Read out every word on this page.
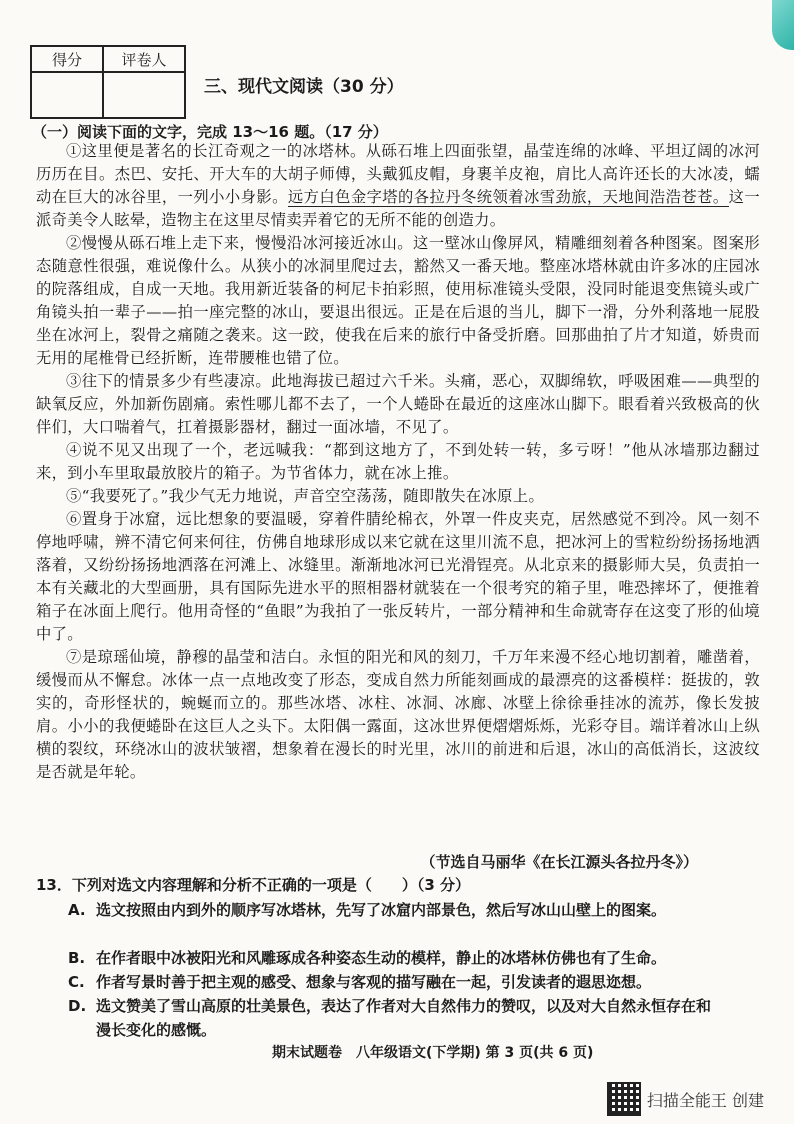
得分	评卷人

三、现代文阅读（30 分）
（一）阅读下面的文字，完成 13～16 题。（17 分）

①这里便是著名的长江奇观之一的冰塔林。从砾石堆上四面张望，晶莹连绵的冰峰、平坦辽阔的冰河历历在目。杰巴、安托、开大车的大胡子师傅，头戴狐皮帽，身裹羊皮袍，肩比人高许还长的大冰凌，蠕动在巨大的冰谷里，一列小小身影。远方白色金字塔的各拉丹冬统领着冰雪劲旅，天地间浩浩苍苍。这一派奇美令人眩晕，造物主在这里尽情卖弄着它的无所不能的创造力。

②慢慢从砾石堆上走下来，慢慢沿冰河接近冰山。这一壁冰山像屏风，精雕细刻着各种图案。图案形态随意性很强，难说像什么。从狭小的冰洞里爬过去，豁然又一番天地。整座冰塔林就由许多冰的庄园冰的院落组成，自成一天地。我用新近装备的柯尼卡拍彩照，使用标准镜头受限，没同时能退变焦镜头或广角镜头拍一辈子——拍一座完整的冰山，要退出很远。正是在后退的当儿，脚下一滑，分外利落地一屁股坐在冰河上，裂骨之痛随之袭来。这一跤，使我在后来的旅行中备受折磨。回那曲拍了片才知道，娇贵而无用的尾椎骨已经折断，连带腰椎也错了位。

③往下的情景多少有些凄凉。此地海拔已超过六千米。头痛，恶心，双脚绵软，呼吸困难——典型的缺氧反应，外加新伤剧痛。索性哪儿都不去了，一个人蜷卧在最近的这座冰山脚下。眼看着兴致极高的伙伴们，大口喘着气，扛着摄影器材，翻过一面冰墙，不见了。

④说不见又出现了一个，老远喊我：“都到这地方了，不到处转一转，多亏呀！”他从冰墙那边翻过来，到小车里取最放胶片的箱子。为节省体力，就在冰上推。

⑤“我要死了。”我少气无力地说，声音空空荡荡，随即散失在冰原上。

⑥置身于冰窟，远比想象的要温暖，穿着件腈纶棉衣，外罩一件皮夹克，居然感觉不到冷。风一刻不停地呼啸，辨不清它何来何往，仿佛自地球形成以来它就在这里川流不息，把冰河上的雪粒纷纷扬扬地洒落着，又纷纷扬扬地洒落在河滩上、冰缝里。渐渐地冰河已光滑锃亮。从北京来的摄影师大吴，负责拍一本有关藏北的大型画册，具有国际先进水平的照相器材就装在一个很考究的箱子里，唯恐摔坏了，便推着箱子在冰面上爬行。他用奇怪的“鱼眼”为我拍了一张反转片，一部分精神和生命就寄存在这变了形的仙境中了。

⑦是琼瑶仙境，静穆的晶莹和洁白。永恒的阳光和风的刻刀，千万年来漫不经心地切割着，雕凿着，缓慢而从不懈怠。冰体一点一点地改变了形态，变成自然力所能刻画成的最漂亮的这番模样：挺拔的，敦实的，奇形怪状的，蜿蜒而立的。那些冰塔、冰柱、冰洞、冰廊、冰壁上徐徐垂挂冰的流苏，像长发披肩。小小的我便蜷卧在这巨人之头下。太阳偶一露面，这冰世界便熠熠烁烁，光彩夺目。端详着冰山上纵横的裂纹，环绕冰山的波状皱褶，想象着在漫长的时光里，冰川的前进和后退，冰山的高低消长，这波纹是否就是年轮。

（节选自马丽华《在长江源头各拉丹冬》）
13．下列对选文内容理解和分析不正确的一项是（　　）（3 分）
A. 选文按照由内到外的顺序写冰塔林，先写了冰窟内部景色，然后写冰山山壁上的图案。
B. 在作者眼中冰被阳光和风雕琢成各种姿态生动的模样，静止的冰塔林仿佛也有了生命。
C. 作者写景时善于把主观的感受、想象与客观的描写融在一起，引发读者的遐思迩想。
D. 选文赞美了雪山高原的壮美景色，表达了作者对大自然伟力的赞叹，以及对大自然永恒存在和漫长变化的感慨。
期末试题卷　八年级语文(下学期) 第 3 页(共 6 页)
扫描全能王 创建
